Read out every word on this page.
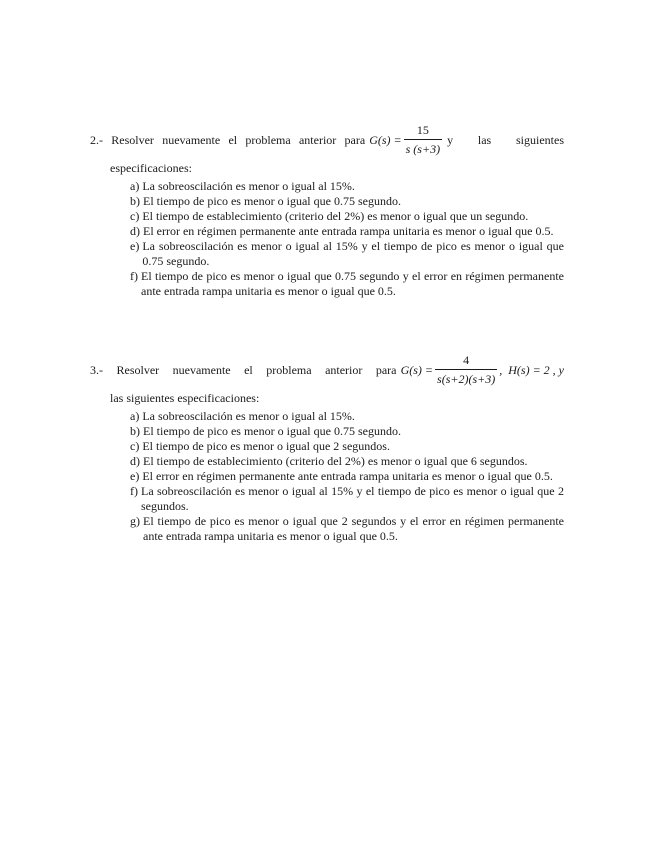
2.- Resolver nuevamente el problema anterior para $G(s) = \frac{15}{s (s+3)}$ y las siguientes
especificaciones:
a) La sobreoscilación es menor o igual al 15%.
b) El tiempo de pico es menor o igual que 0.75 segundo.
c) El tiempo de establecimiento (criterio del 2%) es menor o igual que un segundo.
d) El error en régimen permanente ante entrada rampa unitaria es menor o igual que 0.5.
e) La sobreoscilación es menor o igual al 15% y el tiempo de pico es menor o igual que 0.75 segundo.
f) El tiempo de pico es menor o igual que 0.75 segundo y el error en régimen permanente ante entrada rampa unitaria es menor o igual que 0.5.
3.- Resolver nuevamente el problema anterior para $G(s) = \frac{4}{s(s+2)(s+3)}$ ,  H(s) = 2 , y
las siguientes especificaciones:
a) La sobreoscilación es menor o igual al 15%.
b) El tiempo de pico es menor o igual que 0.75 segundo.
c) El tiempo de pico es menor o igual que 2 segundos.
d) El tiempo de establecimiento (criterio del 2%) es menor o igual que 6 segundos.
e) El error en régimen permanente ante entrada rampa unitaria es menor o igual que 0.5.
f) La sobreoscilación es menor o igual al 15% y el tiempo de pico es menor o igual que 2 segundos.
g) El tiempo de pico es menor o igual que 2 segundos y el error en régimen permanente ante entrada rampa unitaria es menor o igual que 0.5.
